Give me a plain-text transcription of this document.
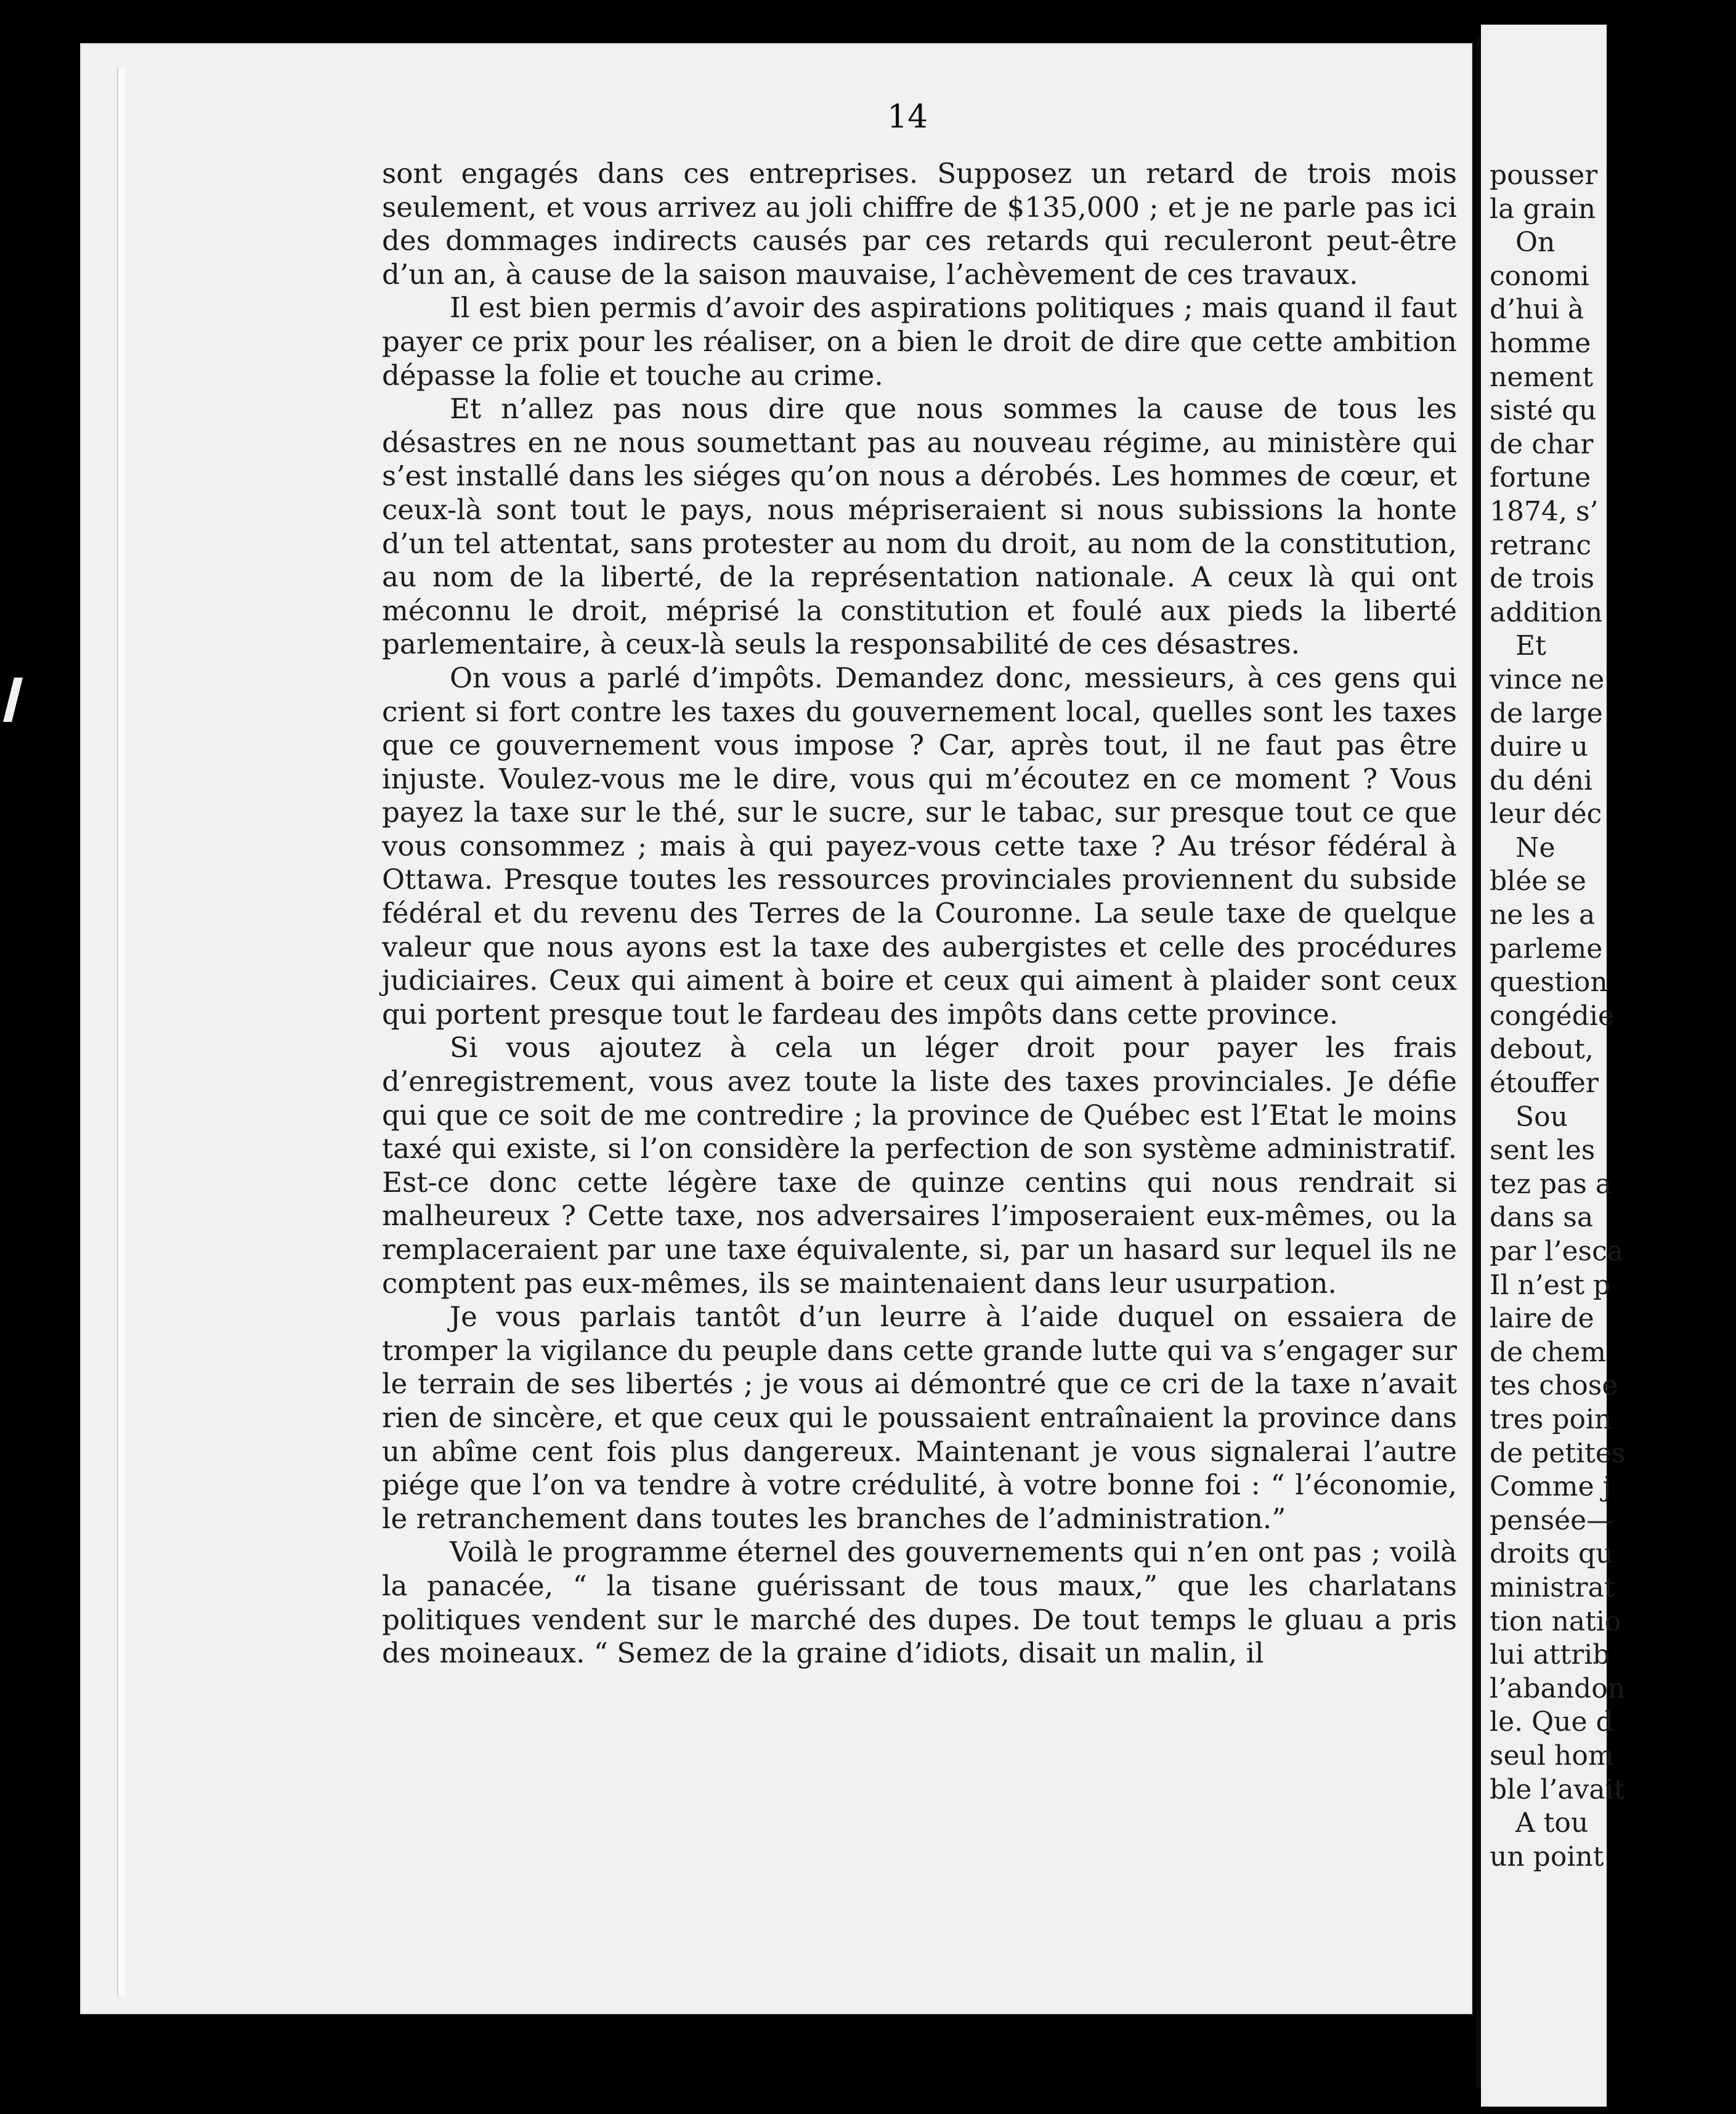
14

sont engagés dans ces entreprises. Supposez un retard de trois mois seulement, et vous arrivez au joli chiffre de $135,000 ; et je ne parle pas ici des dommages indirects causés par ces retards qui reculeront peut-être d’un an, à cause de la saison mauvaise, l’achèvement de ces travaux.

Il est bien permis d’avoir des aspirations politiques ; mais quand il faut payer ce prix pour les réaliser, on a bien le droit de dire que cette ambition dépasse la folie et touche au crime.

Et n’allez pas nous dire que nous sommes la cause de tous les désastres en ne nous soumettant pas au nouveau régime, au ministère qui s’est installé dans les siéges qu’on nous a dérobés. Les hommes de cœur, et ceux-là sont tout le pays, nous mépriseraient si nous subissions la honte d’un tel attentat, sans protester au nom du droit, au nom de la constitution, au nom de la liberté, de la représentation nationale. A ceux là qui ont méconnu le droit, méprisé la constitution et foulé aux pieds la liberté parlementaire, à ceux-là seuls la responsabilité de ces désastres.

On vous a parlé d’impôts. Demandez donc, messieurs, à ces gens qui crient si fort contre les taxes du gouvernement local, quelles sont les taxes que ce gouvernement vous impose ? Car, après tout, il ne faut pas être injuste. Voulez-vous me le dire, vous qui m’écoutez en ce moment ? Vous payez la taxe sur le thé, sur le sucre, sur le tabac, sur presque tout ce que vous consommez ; mais à qui payez-vous cette taxe ? Au trésor fédéral à Ottawa. Presque toutes les ressources provinciales proviennent du subside fédéral et du revenu des Terres de la Couronne. La seule taxe de quelque valeur que nous ayons est la taxe des aubergistes et celle des procédures judiciaires. Ceux qui aiment à boire et ceux qui aiment à plaider sont ceux qui portent presque tout le fardeau des impôts dans cette province.

Si vous ajoutez à cela un léger droit pour payer les frais d’enregistrement, vous avez toute la liste des taxes provinciales. Je défie qui que ce soit de me contredire ; la province de Québec est l’Etat le moins taxé qui existe, si l’on considère la perfection de son système administratif. Est-ce donc cette légère taxe de quinze centins qui nous rendrait si malheureux ? Cette taxe, nos adversaires l’imposeraient eux-mêmes, ou la remplaceraient par une taxe équivalente, si, par un hasard sur lequel ils ne comptent pas eux-mêmes, ils se maintenaient dans leur usurpation.

Je vous parlais tantôt d’un leurre à l’aide duquel on essaiera de tromper la vigilance du peuple dans cette grande lutte qui va s’engager sur le terrain de ses libertés ; je vous ai démontré que ce cri de la taxe n’avait rien de sincère, et que ceux qui le poussaient entraînaient la province dans un abîme cent fois plus dangereux. Maintenant je vous signalerai l’autre piége que l’on va tendre à votre crédulité, à votre bonne foi : “ l’économie, le retranchement dans toutes les branches de l’administration.”

Voilà le programme éternel des gouvernements qui n’en ont pas ; voilà la panacée, “ la tisane guérissant de tous maux,” que les charlatans politiques vendent sur le marché des dupes. De tout temps le gluau a pris des moineaux. “ Semez de la graine d’idiots, disait un malin, il

pousser
la grain
On
conomi
d’hui à
homme
nement
sisté qu
de char
fortune
1874, s’
retranc
de trois
addition
Et
vince ne
de large
duire u
du déni
leur déc
Ne
blée se
ne les a
parleme
question
congédie
debout,
étouffer
Sou
sent les
tez pas a
dans sa
par l’esca
Il n’est p
laire de
de chem
tes chose
tres poin
de petites
Comme j
pensée—
droits qu
ministrat
tion natio
lui attrib
l’abandon
le. Que d
seul hom
ble l’avait
A tou
un point
